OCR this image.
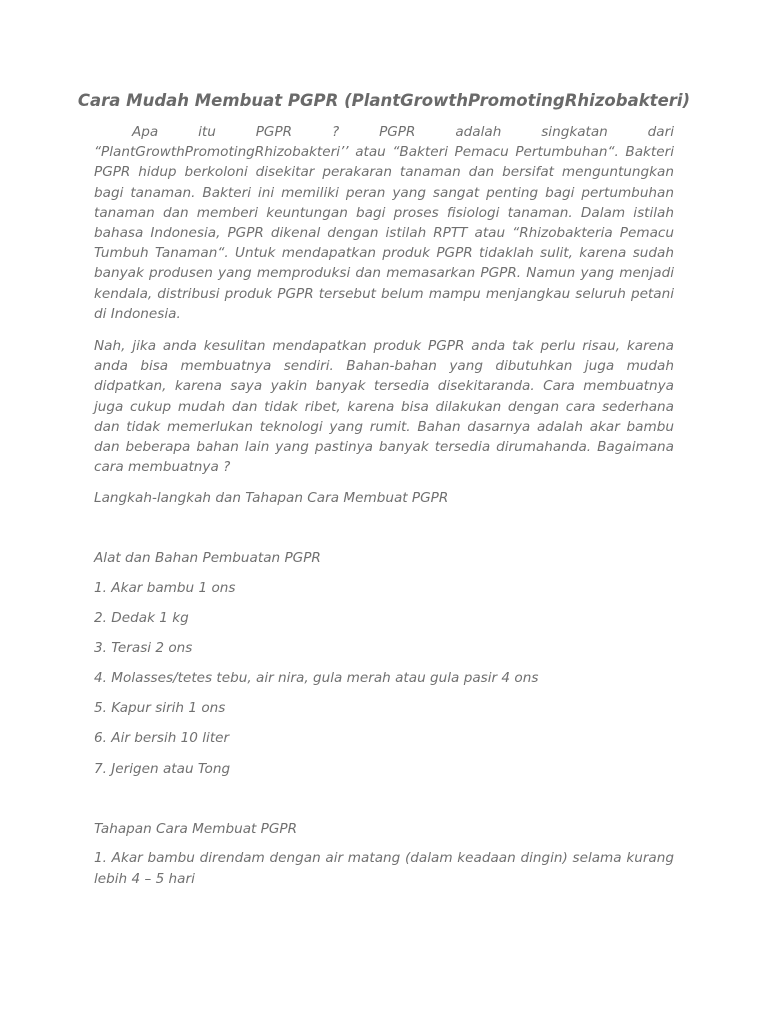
Cara Mudah Membuat PGPR (PlantGrowthPromotingRhizobakteri)
Apa itu PGPR ? PGPR adalah singkatan dari “PlantGrowthPromotingRhizobakteri’’ atau “Bakteri Pemacu Pertumbuhan“. Bakteri PGPR hidup berkoloni disekitar perakaran tanaman dan bersifat menguntungkan bagi tanaman. Bakteri ini memiliki peran yang sangat penting bagi pertumbuhan tanaman dan memberi keuntungan bagi proses fisiologi tanaman. Dalam istilah bahasa Indonesia, PGPR dikenal dengan istilah RPTT atau “Rhizobakteria Pemacu Tumbuh Tanaman“. Untuk mendapatkan produk PGPR tidaklah sulit, karena sudah banyak produsen yang memproduksi dan memasarkan PGPR. Namun yang menjadi kendala, distribusi produk PGPR tersebut belum mampu menjangkau seluruh petani di Indonesia.
Nah, jika anda kesulitan mendapatkan produk PGPR anda tak perlu risau, karena anda bisa membuatnya sendiri. Bahan-bahan yang dibutuhkan juga mudah didpatkan, karena saya yakin banyak tersedia disekitaranda. Cara membuatnya juga cukup mudah dan tidak ribet, karena bisa dilakukan dengan cara sederhana dan tidak memerlukan teknologi yang rumit. Bahan dasarnya adalah akar bambu dan beberapa bahan lain yang pastinya banyak tersedia dirumahanda. Bagaimana cara membuatnya ?
Langkah-langkah dan Tahapan Cara Membuat PGPR
Alat dan Bahan Pembuatan PGPR
1. Akar bambu 1 ons
2. Dedak 1 kg
3. Terasi 2 ons
4. Molasses/tetes tebu, air nira, gula merah atau gula pasir 4 ons
5. Kapur sirih 1 ons
6. Air bersih 10 liter
7. Jerigen atau Tong
Tahapan Cara Membuat PGPR
1. Akar bambu direndam dengan air matang (dalam keadaan dingin) selama kurang lebih 4 – 5 hari
